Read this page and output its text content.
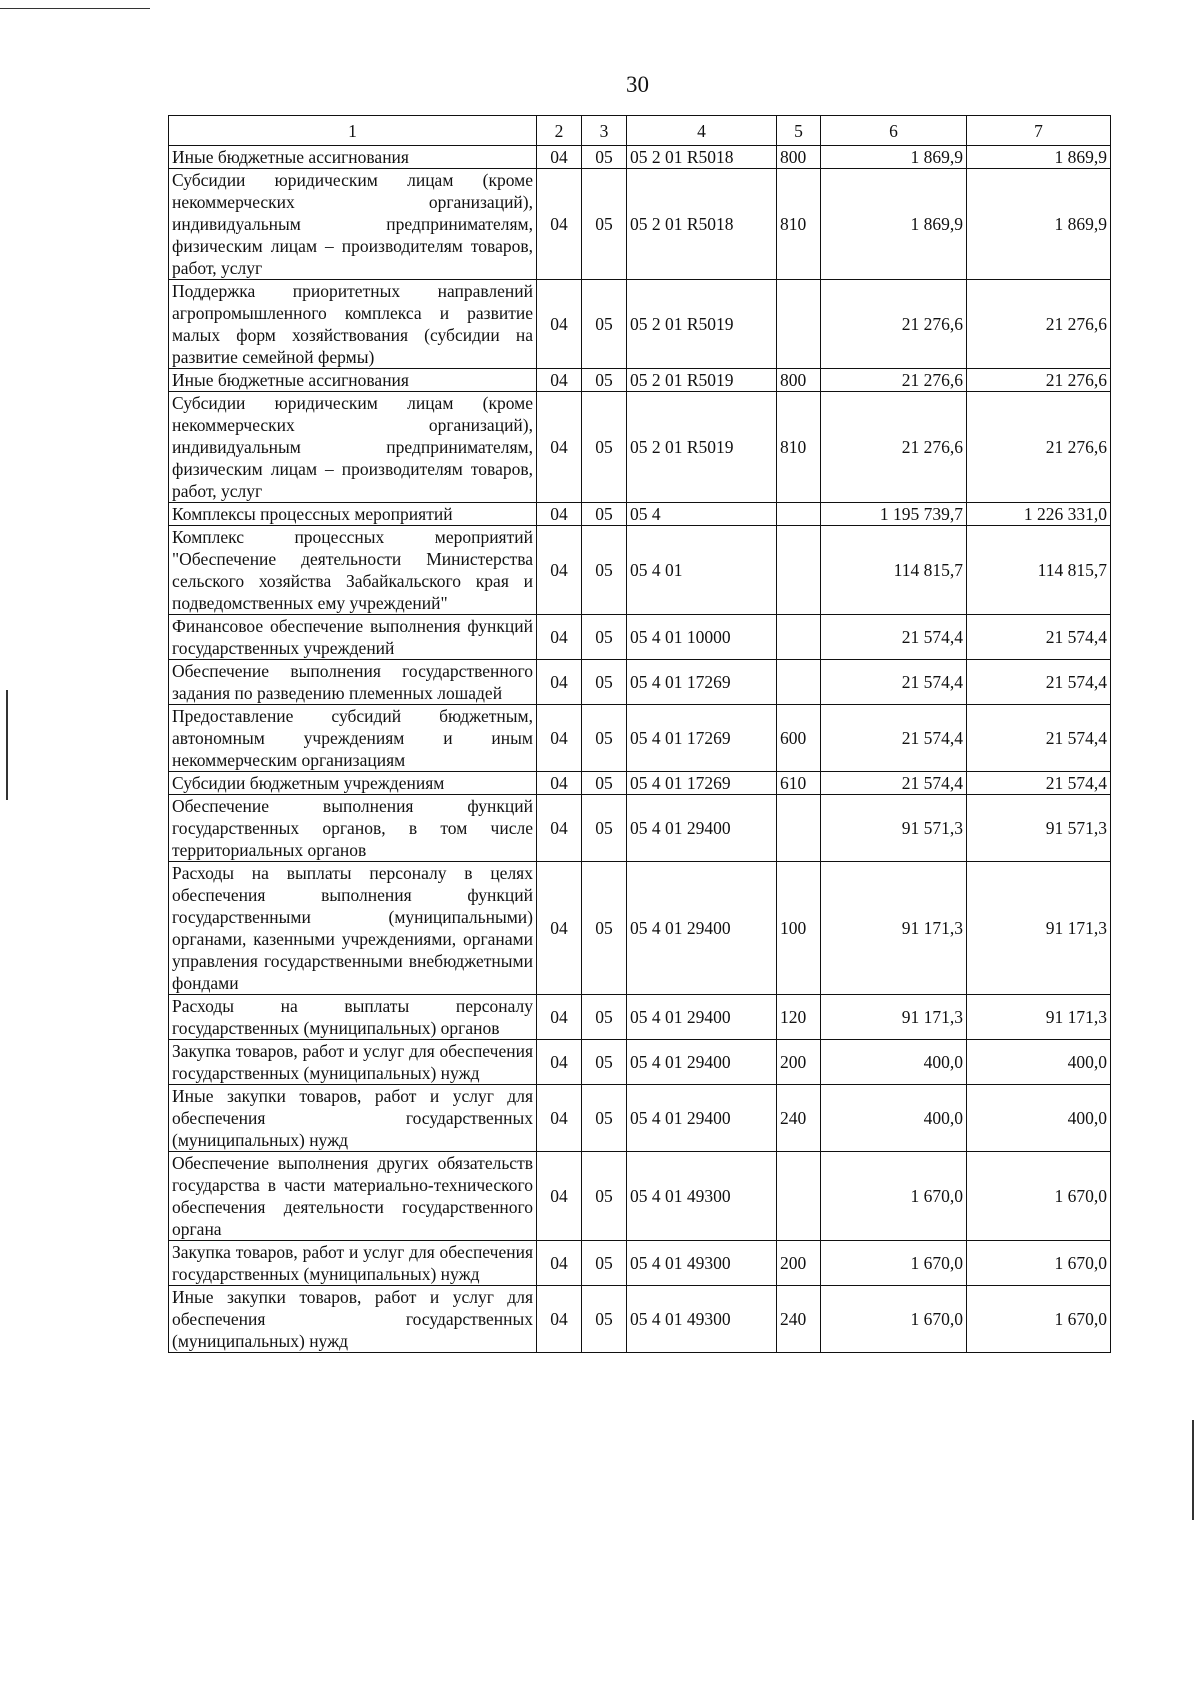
30
1	2	3	4	5	6	7
Иные бюджетные ассигнования	04	05	05 2 01 R5018	800	1 869,9	1 869,9
Субсидии юридическим лицам (кроме некоммерческих организаций), индивидуальным предпринимателям, физическим лицам – производителям товаров, работ, услуг	04	05	05 2 01 R5018	810	1 869,9	1 869,9
Поддержка приоритетных направлений агропромышленного комплекса и развитие малых форм хозяйствования (субсидии на развитие семейной фермы)	04	05	05 2 01 R5019		21 276,6	21 276,6
Иные бюджетные ассигнования	04	05	05 2 01 R5019	800	21 276,6	21 276,6
Субсидии юридическим лицам (кроме некоммерческих организаций), индивидуальным предпринимателям, физическим лицам – производителям товаров, работ, услуг	04	05	05 2 01 R5019	810	21 276,6	21 276,6
Комплексы процессных мероприятий	04	05	05 4		1 195 739,7	1 226 331,0
Комплекс процессных мероприятий "Обеспечение деятельности Министерства сельского хозяйства Забайкальского края и подведомственных ему учреждений"	04	05	05 4 01		114 815,7	114 815,7
Финансовое обеспечение выполнения функций государственных учреждений	04	05	05 4 01 10000		21 574,4	21 574,4
Обеспечение выполнения государственного задания по разведению племенных лошадей	04	05	05 4 01 17269		21 574,4	21 574,4
Предоставление субсидий бюджетным, автономным учреждениям и иным некоммерческим организациям	04	05	05 4 01 17269	600	21 574,4	21 574,4
Субсидии бюджетным учреждениям	04	05	05 4 01 17269	610	21 574,4	21 574,4
Обеспечение выполнения функций государственных органов, в том числе территориальных органов	04	05	05 4 01 29400		91 571,3	91 571,3
Расходы на выплаты персоналу в целях обеспечения выполнения функций государственными (муниципальными) органами, казенными учреждениями, органами управления государственными внебюджетными фондами	04	05	05 4 01 29400	100	91 171,3	91 171,3
Расходы на выплаты персоналу государственных (муниципальных) органов	04	05	05 4 01 29400	120	91 171,3	91 171,3
Закупка товаров, работ и услуг для обеспечения государственных (муниципальных) нужд	04	05	05 4 01 29400	200	400,0	400,0
Иные закупки товаров, работ и услуг для обеспечения государственных (муниципальных) нужд	04	05	05 4 01 29400	240	400,0	400,0
Обеспечение выполнения других обязательств государства в части материально-технического обеспечения деятельности государственного органа	04	05	05 4 01 49300		1 670,0	1 670,0
Закупка товаров, работ и услуг для обеспечения государственных (муниципальных) нужд	04	05	05 4 01 49300	200	1 670,0	1 670,0
Иные закупки товаров, работ и услуг для обеспечения государственных (муниципальных) нужд	04	05	05 4 01 49300	240	1 670,0	1 670,0
